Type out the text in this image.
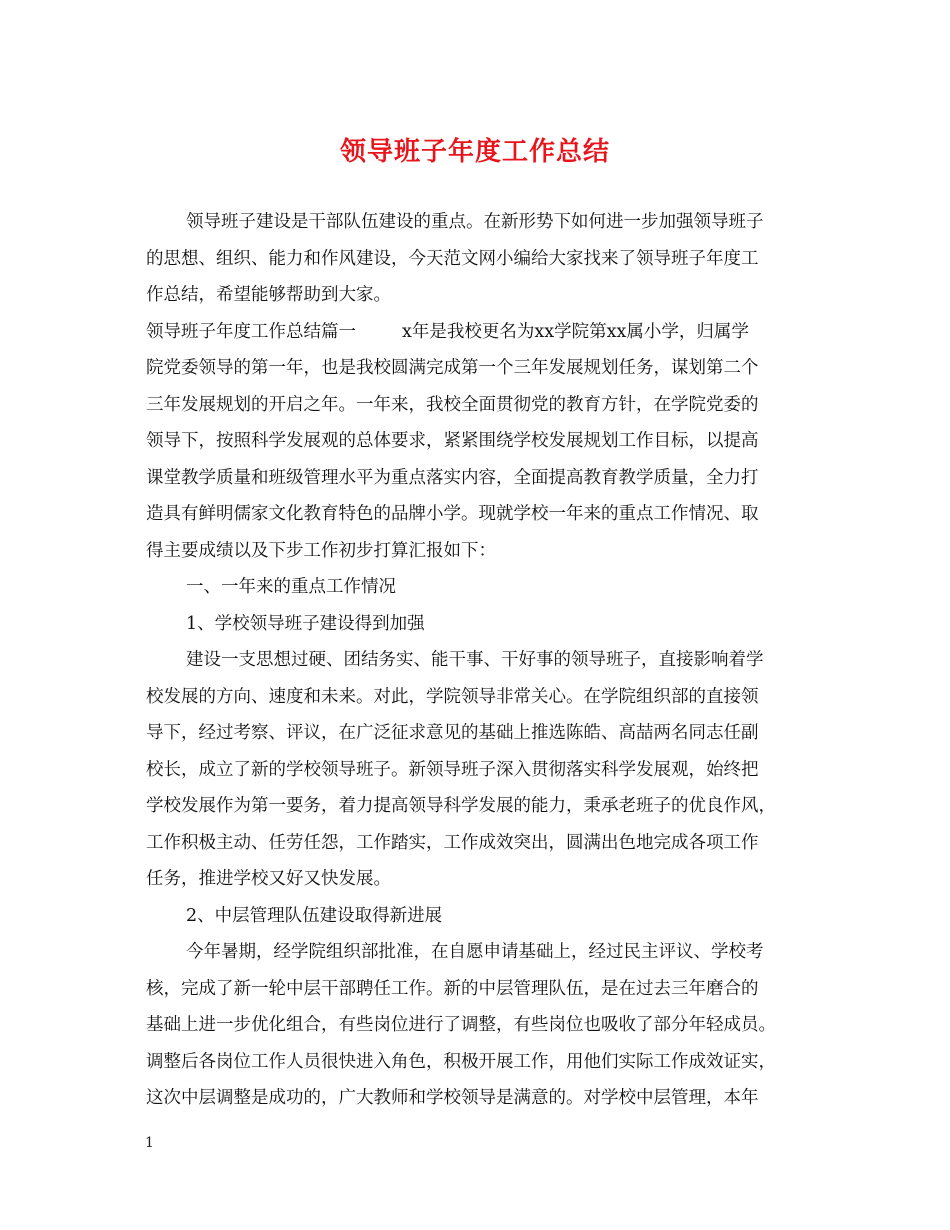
领导班子年度工作总结
领导班子建设是干部队伍建设的重点。在新形势下如何进一步加强领导班子
的思想、组织、能力和作风建设，今天范文网小编给大家找来了领导班子年度工
作总结，希望能够帮助到大家。
领导班子年度工作总结篇一	x年是我校更名为xx学院第xx属小学，归属学
院党委领导的第一年，也是我校圆满完成第一个三年发展规划任务，谋划第二个
三年发展规划的开启之年。一年来，我校全面贯彻党的教育方针，在学院党委的
领导下，按照科学发展观的总体要求，紧紧围绕学校发展规划工作目标，以提高
课堂教学质量和班级管理水平为重点落实内容，全面提高教育教学质量，全力打
造具有鲜明儒家文化教育特色的品牌小学。现就学校一年来的重点工作情况、取
得主要成绩以及下步工作初步打算汇报如下：
一、一年来的重点工作情况
1、学校领导班子建设得到加强
建设一支思想过硬、团结务实、能干事、干好事的领导班子，直接影响着学
校发展的方向、速度和未来。对此，学院领导非常关心。在学院组织部的直接领
导下，经过考察、评议，在广泛征求意见的基础上推选陈皓、高喆两名同志任副
校长，成立了新的学校领导班子。新领导班子深入贯彻落实科学发展观，始终把
学校发展作为第一要务，着力提高领导科学发展的能力，秉承老班子的优良作风，
工作积极主动、任劳任怨，工作踏实，工作成效突出，圆满出色地完成各项工作
任务，推进学校又好又快发展。
2、中层管理队伍建设取得新进展
今年暑期，经学院组织部批准，在自愿申请基础上，经过民主评议、学校考
核，完成了新一轮中层干部聘任工作。新的中层管理队伍，是在过去三年磨合的
基础上进一步优化组合，有些岗位进行了调整，有些岗位也吸收了部分年轻成员。
调整后各岗位工作人员很快进入角色，积极开展工作，用他们实际工作成效证实，
这次中层调整是成功的，广大教师和学校领导是满意的。对学校中层管理，本年
1
